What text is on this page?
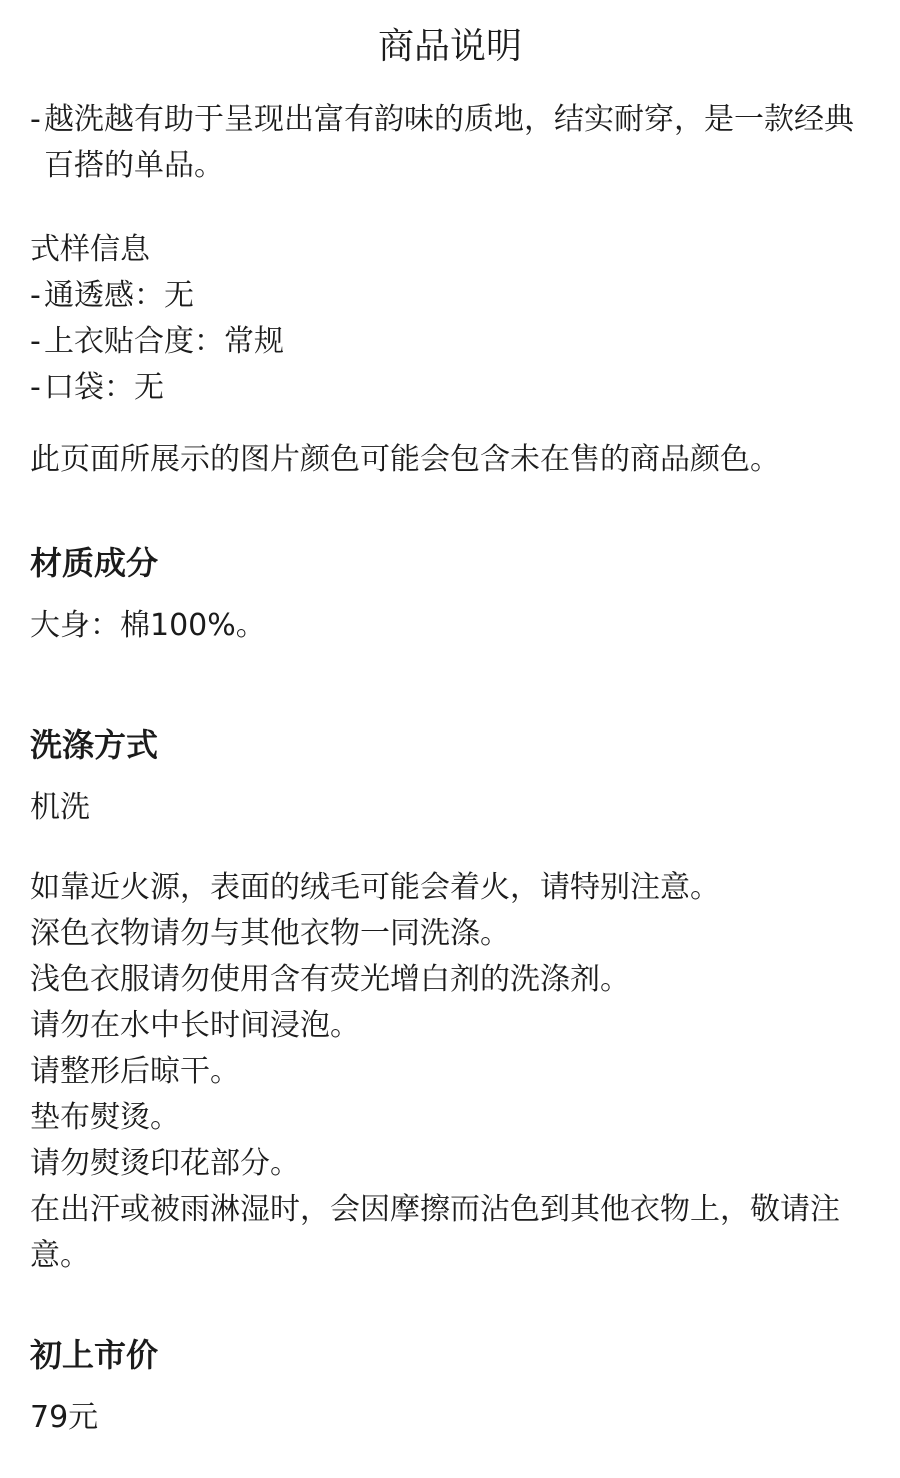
商品说明
- 越洗越有助于呈现出富有韵味的质地，结实耐穿，是一款经典百搭的单品。

式样信息

- 通透感：无
- 上衣贴合度：常规
- 口袋：无

此页面所展示的图片颜色可能会包含未在售的商品颜色。

材质成分

大身：棉100%。

洗涤方式

机洗

如靠近火源，表面的绒毛可能会着火，请特别注意。

深色衣物请勿与其他衣物一同洗涤。

浅色衣服请勿使用含有荧光增白剂的洗涤剂。

请勿在水中长时间浸泡。

请整形后晾干。

垫布熨烫。

请勿熨烫印花部分。

在出汗或被雨淋湿时，会因摩擦而沾色到其他衣物上，敬请注意。

初上市价

79元
